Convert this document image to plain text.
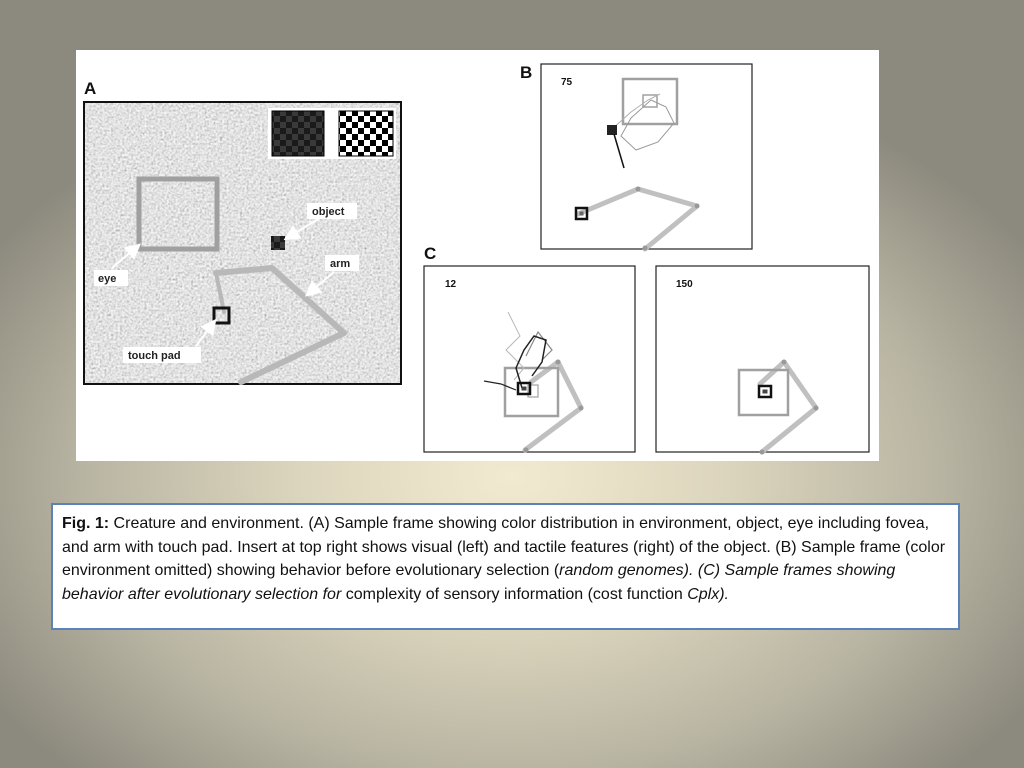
A
object
eye
arm
touch pad
B
75
C
12	150
Fig. 1: Creature and environment. (A) Sample frame showing color distribution in environment, object, eye including fovea, and arm with touch pad. Insert at top right shows visual (left) and tactile features (right) of the object. (B) Sample frame (color environment omitted) showing behavior before evolutionary selection (random genomes). (C) Sample frames showing behavior after evolutionary selection for complexity of sensory information (cost function Cplx).
